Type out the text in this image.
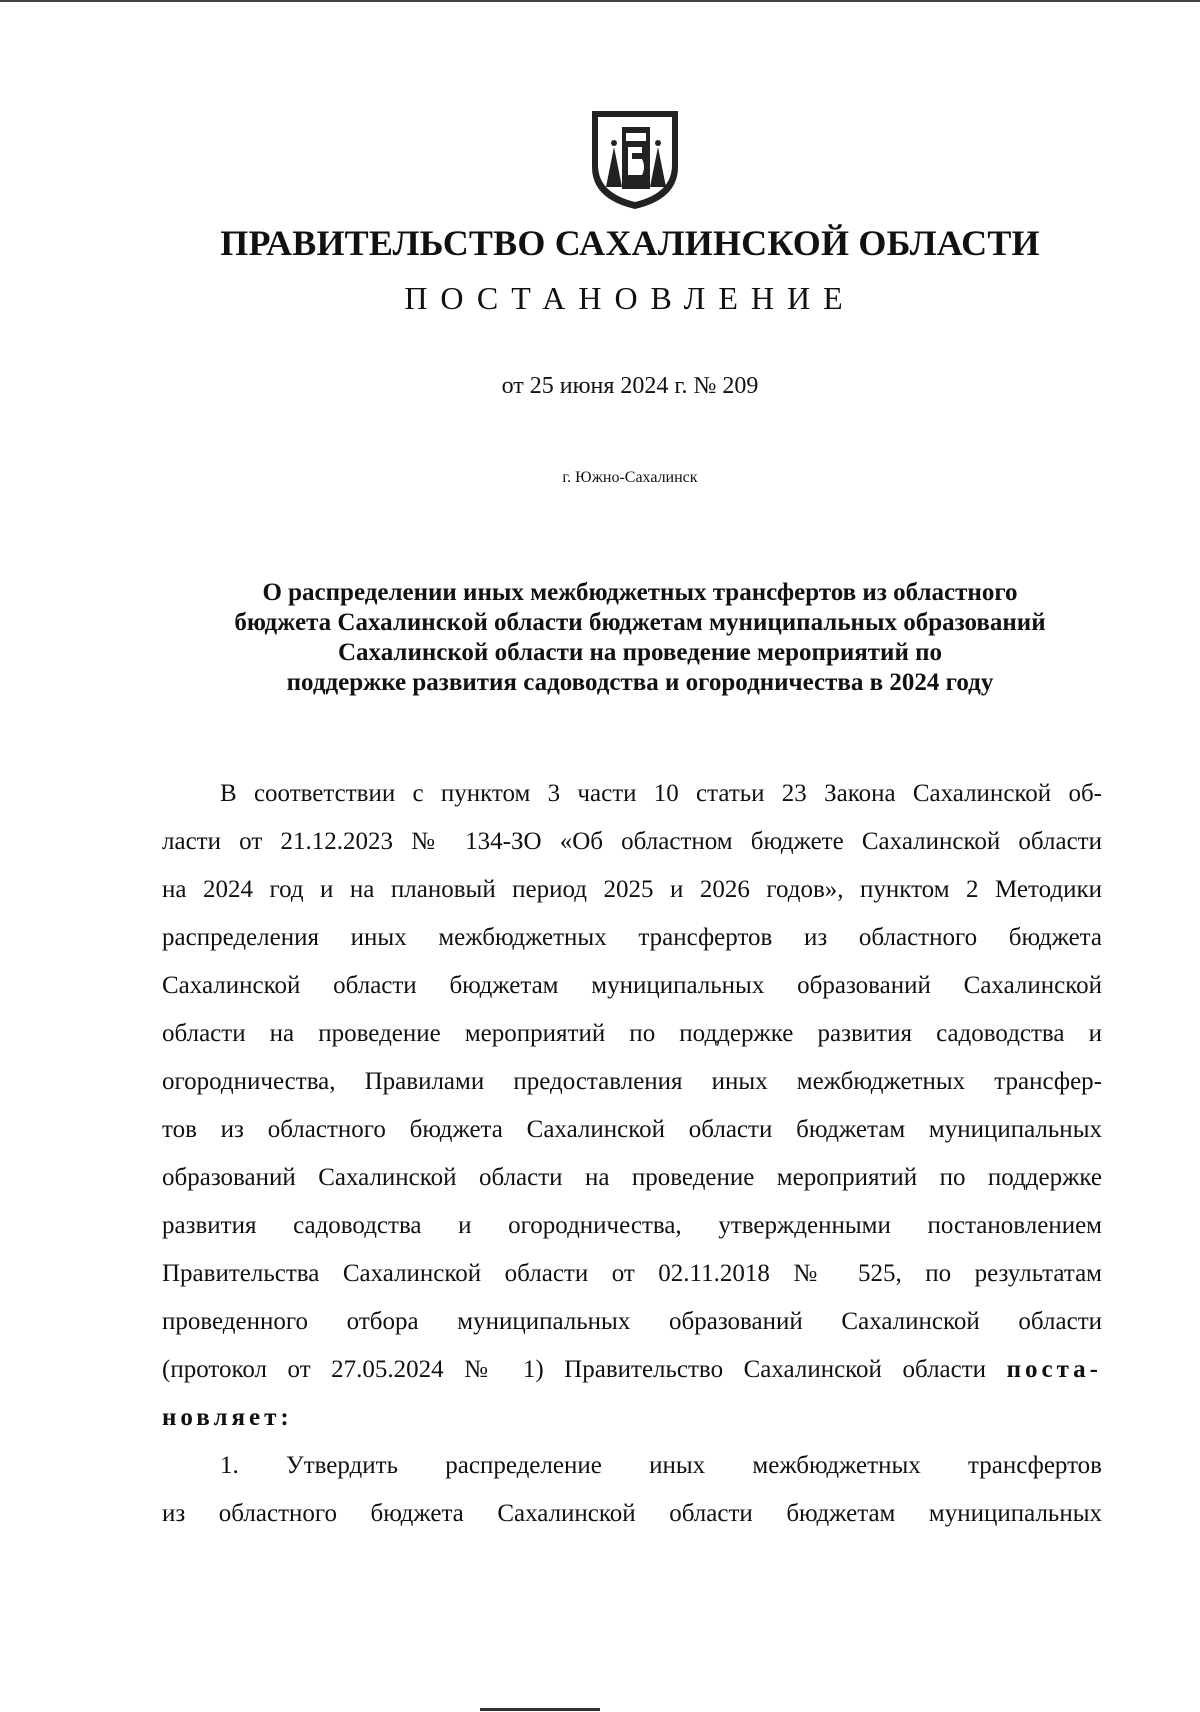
ПРАВИТЕЛЬСТВО САХАЛИНСКОЙ ОБЛАСТИ
ПОСТАНОВЛЕНИЕ
от 25 июня 2024 г. № 209
г. Южно-Сахалинск
О распределении иных межбюджетных трансфертов из областного
бюджета Сахалинской области бюджетам муниципальных образований
Сахалинской области на проведение мероприятий по
поддержке развития садоводства и огородничества в 2024 году
В соответствии с пунктом 3 части 10 статьи 23 Закона Сахалинской об-
ласти от 21.12.2023 № 134-ЗО «Об областном бюджете Сахалинской области
на 2024 год и на плановый период 2025 и 2026 годов», пунктом 2 Методики
распределения иных межбюджетных трансфертов из областного бюджета
Сахалинской области бюджетам муниципальных образований Сахалинской
области на проведение мероприятий по поддержке развития садоводства и
огородничества, Правилами предоставления иных межбюджетных трансфер-
тов из областного бюджета Сахалинской области бюджетам муниципальных
образований Сахалинской области на проведение мероприятий по поддержке
развития садоводства и огородничества, утвержденными постановлением
Правительства Сахалинской области от 02.11.2018 № 525, по результатам
проведенного отбора муниципальных образований Сахалинской области
(протокол от 27.05.2024 № 1) Правительство Сахалинской области поста-
новляет:
1. Утвердить распределение иных межбюджетных трансфертов
из областного бюджета Сахалинской области бюджетам муниципальных
